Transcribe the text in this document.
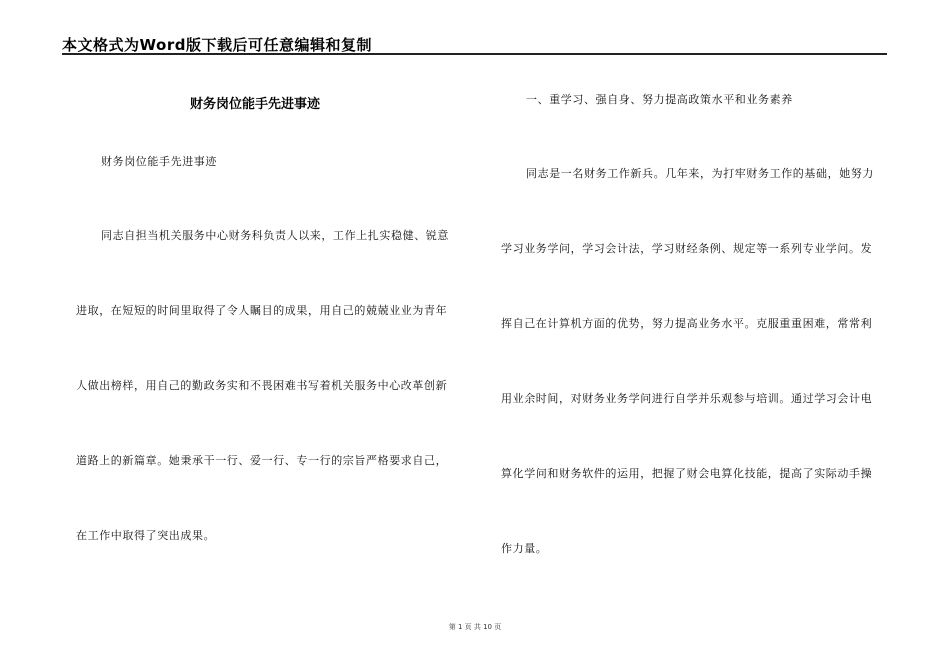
本文格式为Word版下载后可任意编辑和复制
财务岗位能手先进事迹
财务岗位能手先进事迹
同志自担当机关服务中心财务科负责人以来，工作上扎实稳健、锐意
进取，在短短的时间里取得了令人瞩目的成果，用自己的兢兢业业为青年
人做出榜样，用自己的勤政务实和不畏困难书写着机关服务中心改革创新
道路上的新篇章。她秉承干一行、爱一行、专一行的宗旨严格要求自己，
在工作中取得了突出成果。
一、重学习、强自身、努力提高政策水平和业务素养
同志是一名财务工作新兵。几年来，为打牢财务工作的基础，她努力
学习业务学问，学习会计法，学习财经条例、规定等一系列专业学问。发
挥自己在计算机方面的优势，努力提高业务水平。克服重重困难，常常利
用业余时间，对财务业务学问进行自学并乐观参与培训。通过学习会计电
算化学问和财务软件的运用，把握了财会电算化技能，提高了实际动手操
作力量。
第 1 页 共 10 页
